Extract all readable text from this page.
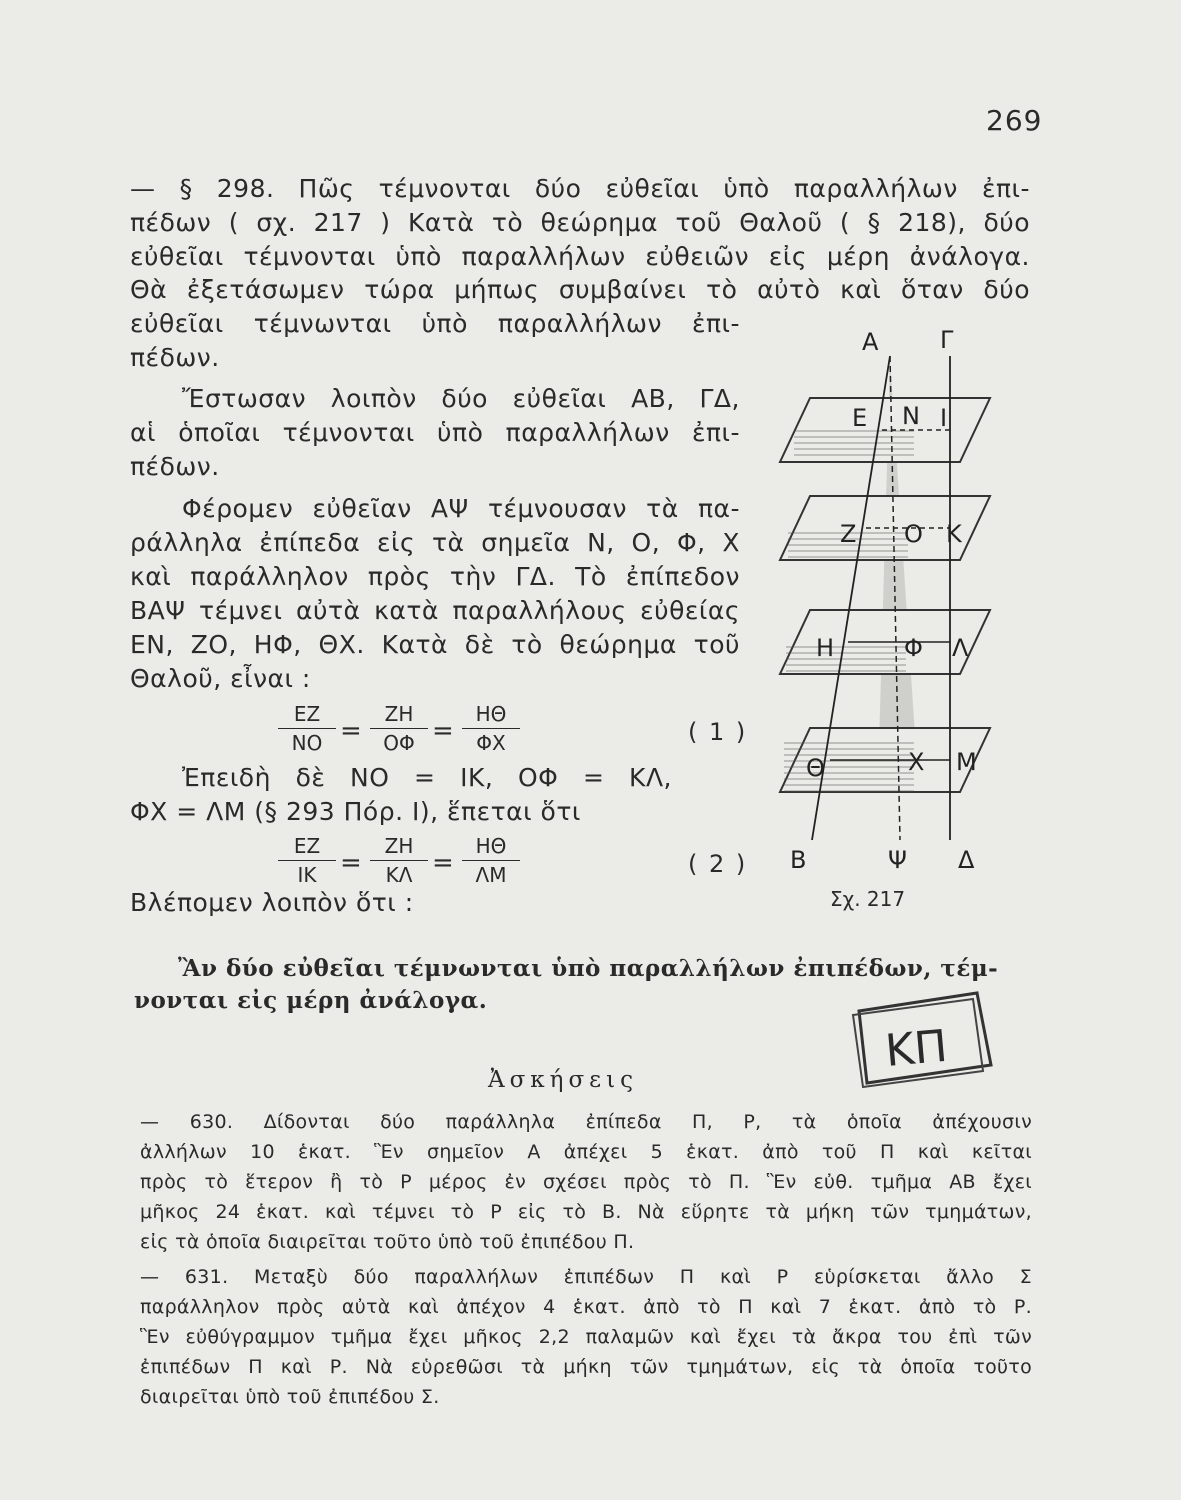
269
— § 298. Πῶς τέμνονται δύο εὐθεῖαι ὑπὸ παραλλήλων ἐπι-
πέδων ( σχ. 217 ) Κατὰ τὸ θεώρημα τοῦ Θαλοῦ ( § 218), δύο
εὐθεῖαι τέμνονται ὑπὸ παραλλήλων εὐθειῶν εἰς μέρη ἀνάλογα.
Θὰ ἐξετάσωμεν τώρα μήπως συμβαίνει τὸ αὐτὸ καὶ ὅταν δύο
εὐθεῖαι τέμνωνται ὑπὸ παραλλήλων ἐπι-
πέδων.
Ἔστωσαν λοιπὸν δύο εὐθεῖαι ΑΒ, ΓΔ,
αἱ ὁποῖαι τέμνονται ὑπὸ παραλλήλων ἐπι-
πέδων.
Φέρομεν εὐθεῖαν ΑΨ τέμνουσαν τὰ πα-
ράλληλα ἐπίπεδα εἰς τὰ σημεῖα Ν, Ο, Φ, Χ
καὶ παράλληλον πρὸς τὴν ΓΔ. Τὸ ἐπίπεδον
ΒΑΨ τέμνει αὐτὰ κατὰ παραλλήλους εὐθείας
ΕΝ, ΖΟ, ΗΦ, ΘΧ. Κατὰ δὲ τὸ θεώρημα τοῦ
Θαλοῦ, εἶναι :
ΕΖ
ΝΟ =
ΖΗ
ΟΦ =
ΗΘ
ΦΧ	( 1 )
Ἐπειδὴ δὲ ΝΟ = ΙΚ, ΟΦ = ΚΛ,
ΦΧ = ΛΜ (§ 293 Πόρ. Ι), ἕπεται ὅτι
ΕΖ
ΙΚ =
ΖΗ
ΚΛ =
ΗΘ
ΛΜ	( 2 )
Βλέπομεν λοιπὸν ὅτι :
Ἂν δύο εὐθεῖαι τέμνωνται ὑπὸ παραλλήλων ἐπιπέδων, τέμ-
νονται εἰς μέρη ἀνάλογα.
Α	Γ
Ε Ν Ι
Ζ Ο Κ
Η	Φ Λ
Θ	Χ Μ
Β	Ψ Δ
Σχ. 217
ΚΠ
Ἀσκήσεις
— 630. Δίδονται δύο παράλληλα ἐπίπεδα Π, Ρ, τὰ ὁποῖα ἀπέχουσιν
ἀλλήλων 10 ἑκατ. Ἓν σημεῖον Α ἀπέχει 5 ἑκατ. ἀπὸ τοῦ Π καὶ κεῖται
πρὸς τὸ ἕτερον ἢ τὸ Ρ μέρος ἐν σχέσει πρὸς τὸ Π. Ἓν εὐθ. τμῆμα ΑΒ ἔχει
μῆκος 24 ἑκατ. καὶ τέμνει τὸ Ρ εἰς τὸ Β. Νὰ εὕρητε τὰ μήκη τῶν τμημάτων,
εἰς τὰ ὁποῖα διαιρεῖται τοῦτο ὑπὸ τοῦ ἐπιπέδου Π.
— 631. Μεταξὺ δύο παραλλήλων ἐπιπέδων Π καὶ Ρ εὑρίσκεται ἄλλο Σ
παράλληλον πρὸς αὐτὰ καὶ ἀπέχον 4 ἑκατ. ἀπὸ τὸ Π καὶ 7 ἑκατ. ἀπὸ τὸ Ρ.
Ἓν εὐθύγραμμον τμῆμα ἔχει μῆκος 2,2 παλαμῶν καὶ ἔχει τὰ ἄκρα του ἐπὶ τῶν
ἐπιπέδων Π καὶ Ρ. Νὰ εὑρεθῶσι τὰ μήκη τῶν τμημάτων, εἰς τὰ ὁποῖα τοῦτο
διαιρεῖται ὑπὸ τοῦ ἐπιπέδου Σ.
